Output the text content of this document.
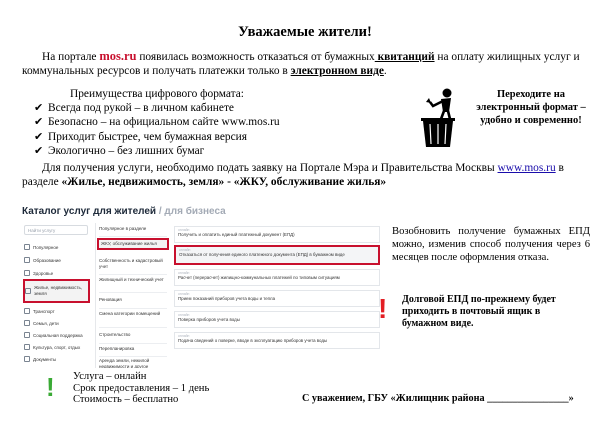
Уважаемые жители!
На портале mos.ru появилась возможность отказаться от бумажных квитанций на оплату жилищных услуг и коммунальных ресурсов и получать платежки только в электронном виде.
Преимущества цифрового формата:
✔ Всегда под рукой – в личном кабинете
✔ Безопасно – на официальном сайте www.mos.ru
✔ Приходит быстрее, чем бумажная версия
✔ Экологично – без лишних бумаг
Переходите на
электронный формат –
удобно и современно!
Для получения услуги, необходимо подать заявку на Портале Мэра и Правительства Москвы www.mos.ru в разделе «Жилье, недвижимость, земля» - «ЖКУ, обслуживание жилья»
Каталог услуг для жителей / для бизнеса
Найти услугу
Популярное
Образование
Здоровье
Жилье, недвижимость, земля
Транспорт
Семья, дети
Социальная поддержка
Культура, спорт, отдых
Документы
Популярное в разделе
ЖКУ, обслуживание жилья
Собственность и кадастровый учет
Жилищный и технический учет
Реновация
Смена категории помещений
Строительство
Перепланировка
Аренда земли, нежилой недвижимости и другое
онлайн
Получить и оплатить единый платежный документ (ЕПД)
онлайн
Отказаться от получения единого платежного документа (ЕПД) в бумажном виде
онлайн
Расчет (перерасчет) жилищно-коммунальных платежей по типовым ситуациям
онлайн
Прием показаний приборов учета воды и тепла
онлайн
Поверка приборов учета воды
онлайн
Подача сведений о поверке, вводе в эксплуатацию приборов учета воды
Возобновить получение бумажных ЕПД можно, изменив способ получения через 6 месяцев после оформления отказа.
! Долговой ЕПД по-прежнему будет приходить в почтовый ящик в бумажном виде.
! Услуга – онлайн
Срок предоставления – 1 день
Стоимость – бесплатно	С уважением, ГБУ «Жилищник района ________________»
